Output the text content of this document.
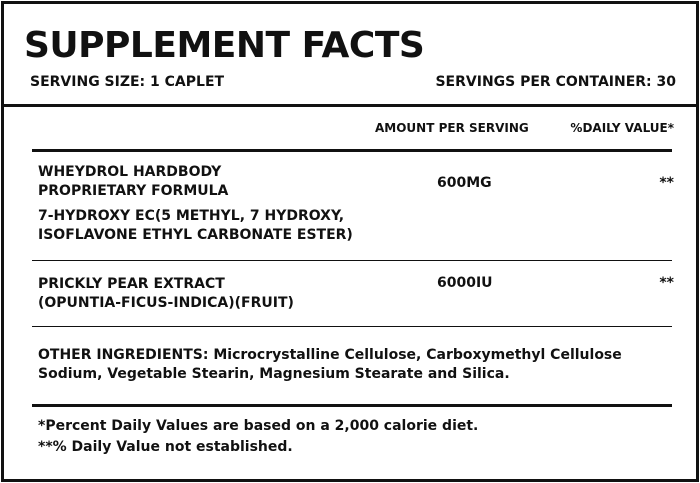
SUPPLEMENT FACTS
SERVING SIZE: 1 CAPLET	SERVINGS PER CONTAINER: 30
AMOUNT PER SERVING	%DAILY VALUE*
WHEYDROL HARDBODY
PROPRIETARY FORMULA	600MG	**
7-HYDROXY EC(5 METHYL, 7 HYDROXY,
ISOFLAVONE ETHYL CARBONATE ESTER)
PRICKLY PEAR EXTRACT
(OPUNTIA-FICUS-INDICA)(FRUIT)
6000IU	**
OTHER INGREDIENTS: Microcrystalline Cellulose, Carboxymethyl Cellulose
Sodium, Vegetable Stearin, Magnesium Stearate and Silica.
*Percent Daily Values are based on a 2,000 calorie diet.
**% Daily Value not established.
